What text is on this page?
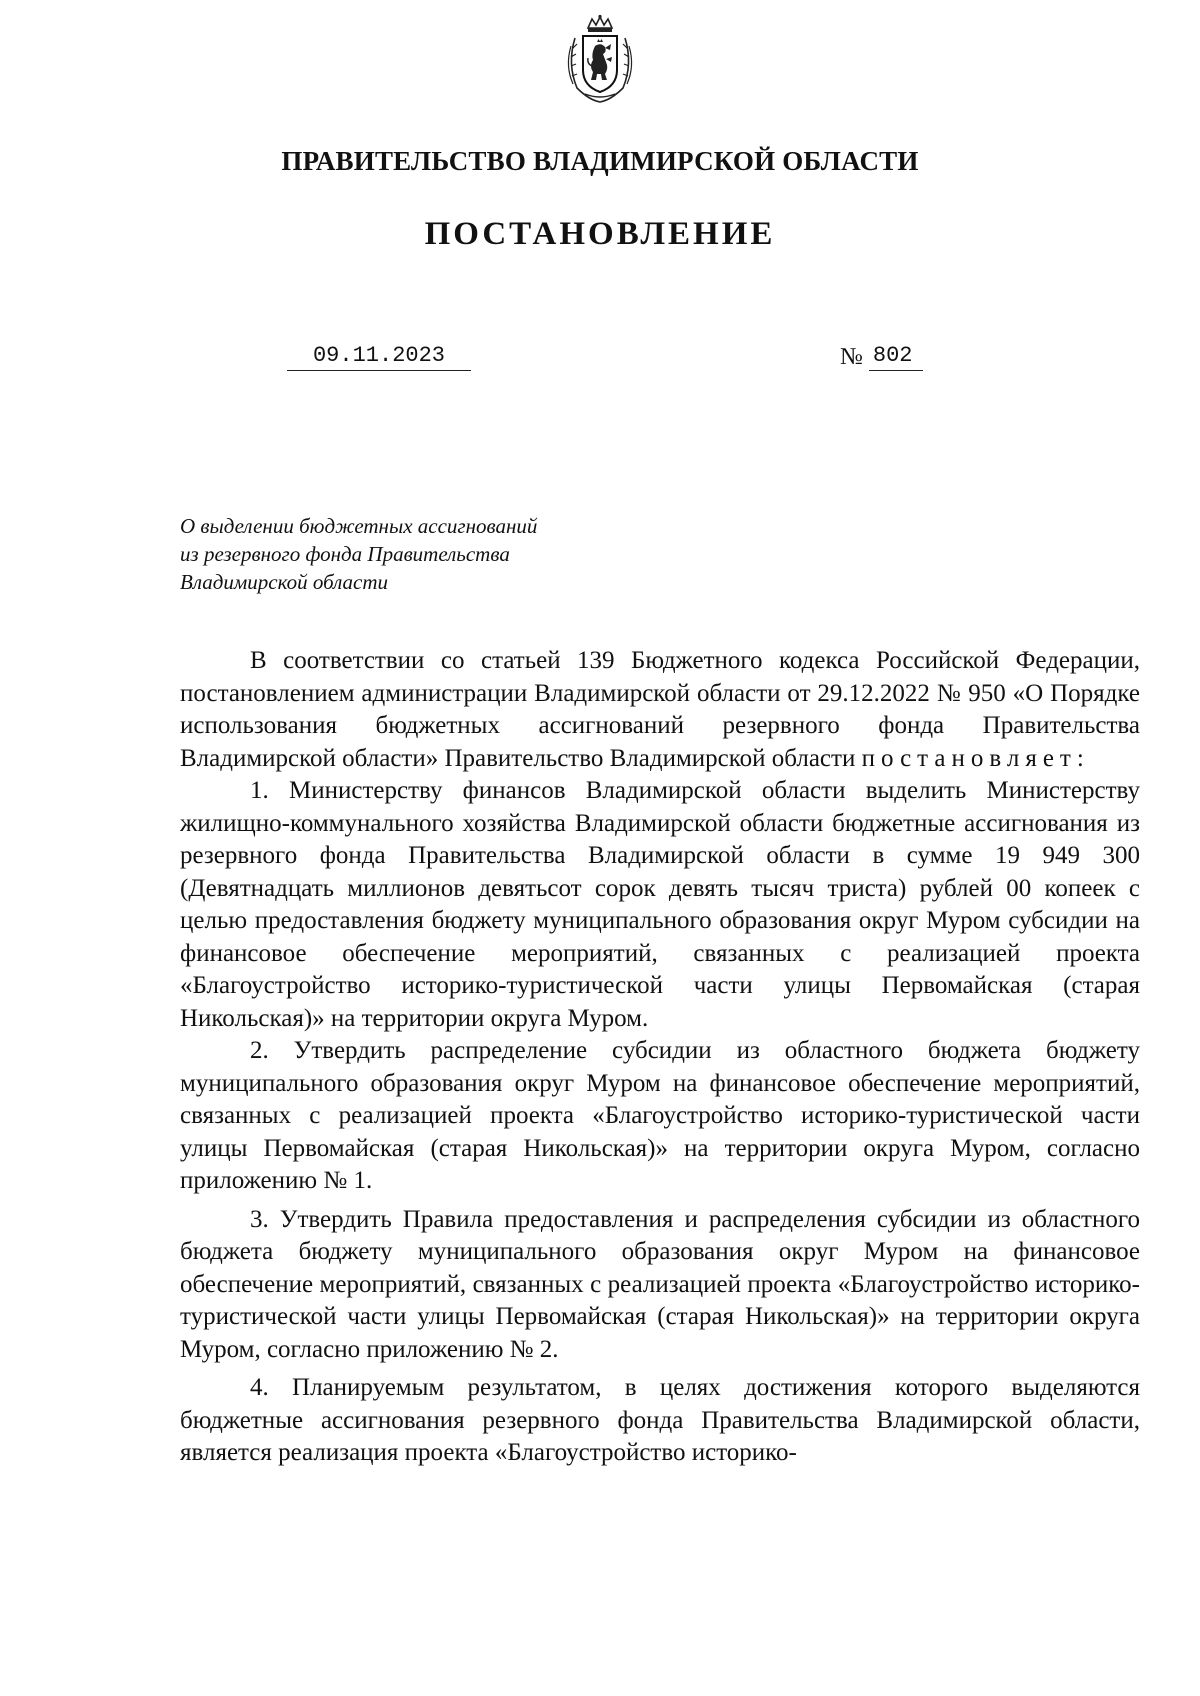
ПРАВИТЕЛЬСТВО ВЛАДИМИРСКОЙ ОБЛАСТИ
ПОСТАНОВЛЕНИЕ
09.11.2023	№ 802
О выделении бюджетных ассигнований
из резервного фонда Правительства
Владимирской области

В соответствии со статьей 139 Бюджетного кодекса Российской Федерации, постановлением администрации Владимирской области от 29.12.2022 № 950 «О Порядке использования бюджетных ассигнований резервного фонда Правительства Владимирской области» Правительство Владимирской области постановляет:

1. Министерству финансов Владимирской области выделить Министерству жилищно-коммунального хозяйства Владимирской области бюджетные ассигнования из резервного фонда Правительства Владимирской области в сумме 19 949 300 (Девятнадцать миллионов девятьсот сорок девять тысяч триста) рублей 00 копеек с целью предоставления бюджету муниципального образования округ Муром субсидии на финансовое обеспечение мероприятий, связанных с реализацией проекта «Благоустройство историко-туристической части улицы Первомайская (старая Никольская)» на территории округа Муром.

2. Утвердить распределение субсидии из областного бюджета бюджету муниципального образования округ Муром на финансовое обеспечение мероприятий, связанных с реализацией проекта «Благоустройство историко-туристической части улицы Первомайская (старая Никольская)» на территории округа Муром, согласно приложению № 1.

3. Утвердить Правила предоставления и распределения субсидии из областного бюджета бюджету муниципального образования округ Муром на финансовое обеспечение мероприятий, связанных с реализацией проекта «Благоустройство историко-туристической части улицы Первомайская (старая Никольская)» на территории округа Муром, согласно приложению № 2.

4. Планируемым результатом, в целях достижения которого выделяются бюджетные ассигнования резервного фонда Правительства Владимирской области, является реализация проекта «Благоустройство историко-
